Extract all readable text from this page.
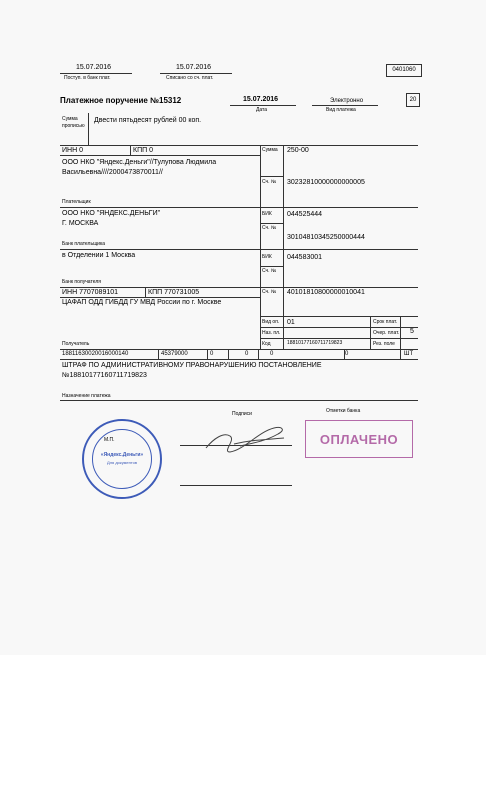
15.07.2016
Поступ. в банк плат.
15.07.2016
Списано со сч. плат.
0401060
Платежное поручение №15312	15.07.2016
Дата
Электронно
Вид платежа
20
Сумма
прописью
Двести пятьдесят рублей 00 коп.
ИНН 0	КПП 0	Сумма 250-00
ООО НКО "Яндекс.Деньги"//Тулупова Людмила
Васильевна////2000473870011//
Сч. № 30232810000000000005
Плательщик
ООО НКО "ЯНДЕКС.ДЕНЬГИ"
Г. МОСКВА
БИК 044525444
Сч. №
30104810345250000444
Банк плательщика
в Отделении 1 Москва	БИК 044583001
Сч. №
Банк получателя
ИНН 7707089101	КПП 770731005	Сч. № 40101810800000010041
ЦАФАП ОДД ГИБДД ГУ МВД России по г. Москве
Получатель
Вид оп. 01
Наз. пл.
Код	18810177160711719823
Срок плат.
Очер. плат. 5
Рез. поле
18811630020016000140	45379000	0	0	0	0	ШТ
ШТРАФ ПО АДМИНИСТРАТИВНОМУ ПРАВОНАРУШЕНИЮ ПОСТАНОВЛЕНИЕ
№18810177160711719823
Назначение платежа
Подписи	Отметки банка
«Яндекс.Деньги»
Для документов
М.П.	ОПЛАЧЕНО
